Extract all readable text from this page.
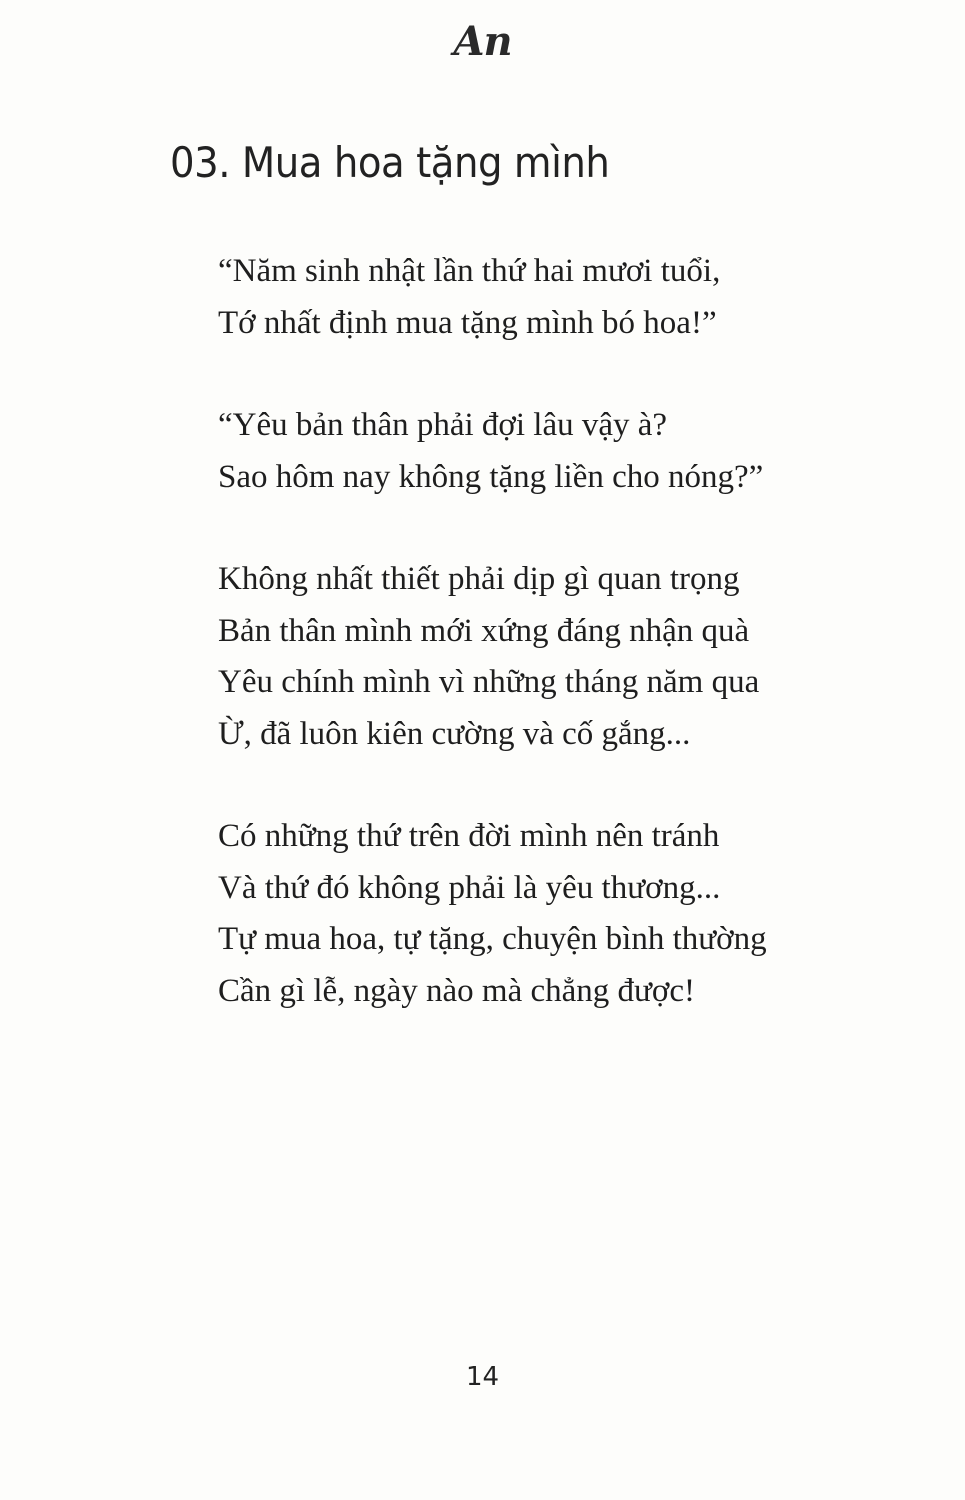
An
03. Mua hoa tặng mình
“Năm sinh nhật lần thứ hai mươi tuổi,
Tớ nhất định mua tặng mình bó hoa!”
“Yêu bản thân phải đợi lâu vậy à?
Sao hôm nay không tặng liền cho nóng?”
Không nhất thiết phải dịp gì quan trọng
Bản thân mình mới xứng đáng nhận quà
Yêu chính mình vì những tháng năm qua
Ừ, đã luôn kiên cường và cố gắng...
Có những thứ trên đời mình nên tránh
Và thứ đó không phải là yêu thương...
Tự mua hoa, tự tặng, chuyện bình thường
Cần gì lễ, ngày nào mà chẳng được!
14
